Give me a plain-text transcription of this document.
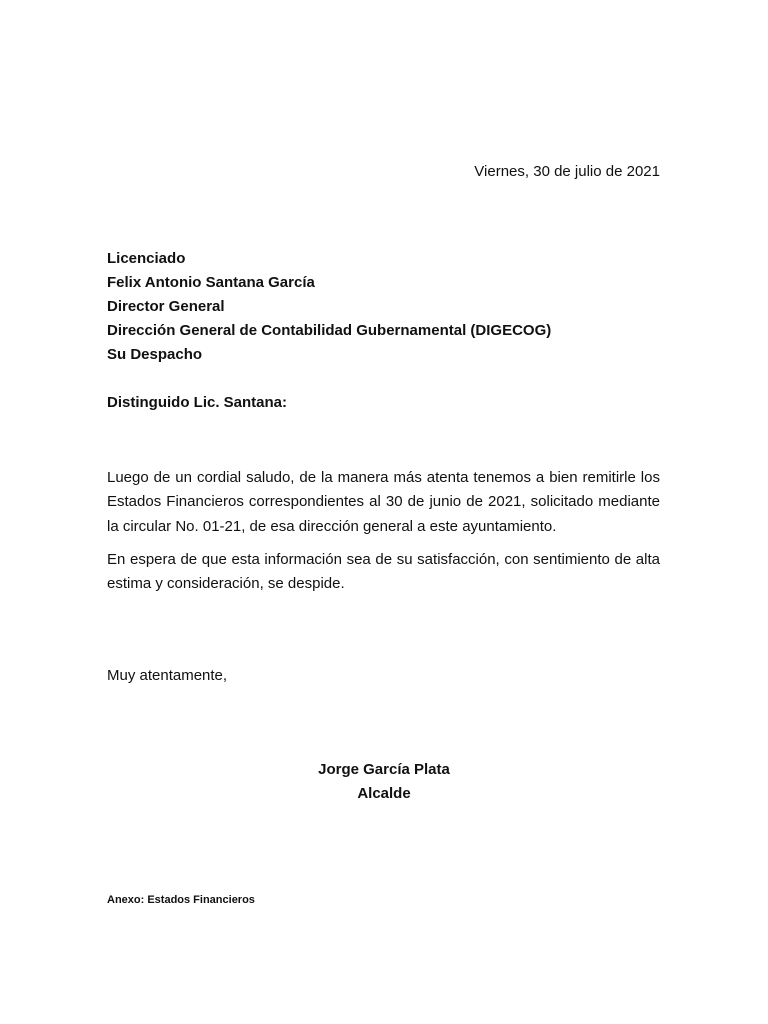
Viernes, 30 de julio de 2021
Licenciado
Felix Antonio Santana García
Director General
Dirección General de Contabilidad Gubernamental (DIGECOG)
Su Despacho
Distinguido Lic. Santana:

Luego de un cordial saludo, de la manera más atenta tenemos a bien remitirle los Estados Financieros correspondientes al 30 de junio de 2021, solicitado mediante la circular No. 01-21, de esa dirección general a este ayuntamiento.

En espera de que esta información sea de su satisfacción, con sentimiento de alta estima y consideración, se despide.

Muy atentamente,
Jorge García Plata
Alcalde
Anexo: Estados Financieros
